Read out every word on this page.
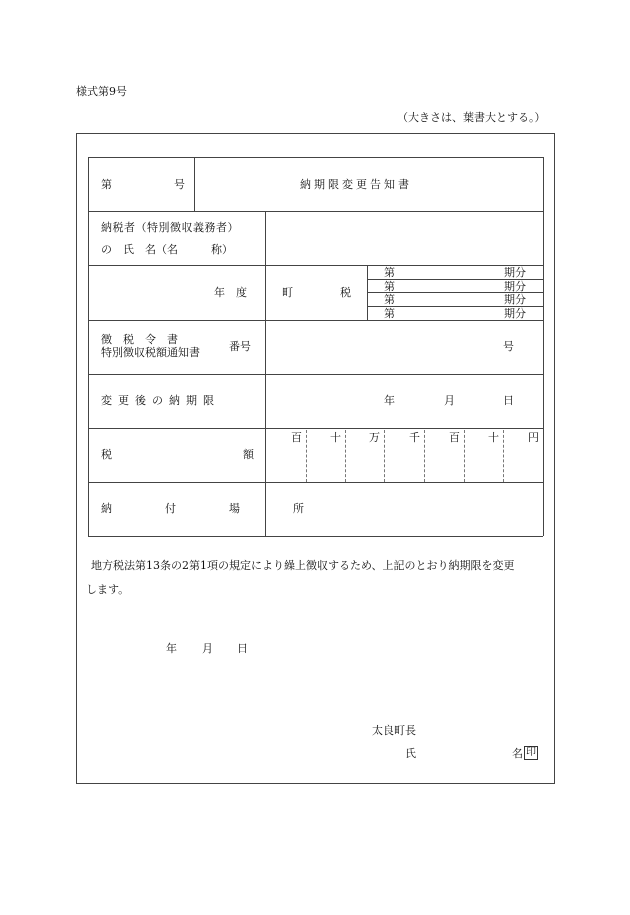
様式第9号
（大きさは、葉書大とする。）
第	号	納期限変更告知書
納税者（特別徴収義務者）
の　氏　名（名　　　称）
年　度	町	税
第	期分
第	期分
第	期分
第	期分
徴　税　令　書
特別徴収税額通知書	番号	号
変更後の納期限	年	月	日
税	額
百	十	万	千	百	十	円
納　付　場　所
地方税法第13条の2第1項の規定により繰上徴収するため、上記のとおり納期限を変更
します。
年 月 日
太良町長
氏	名 印
